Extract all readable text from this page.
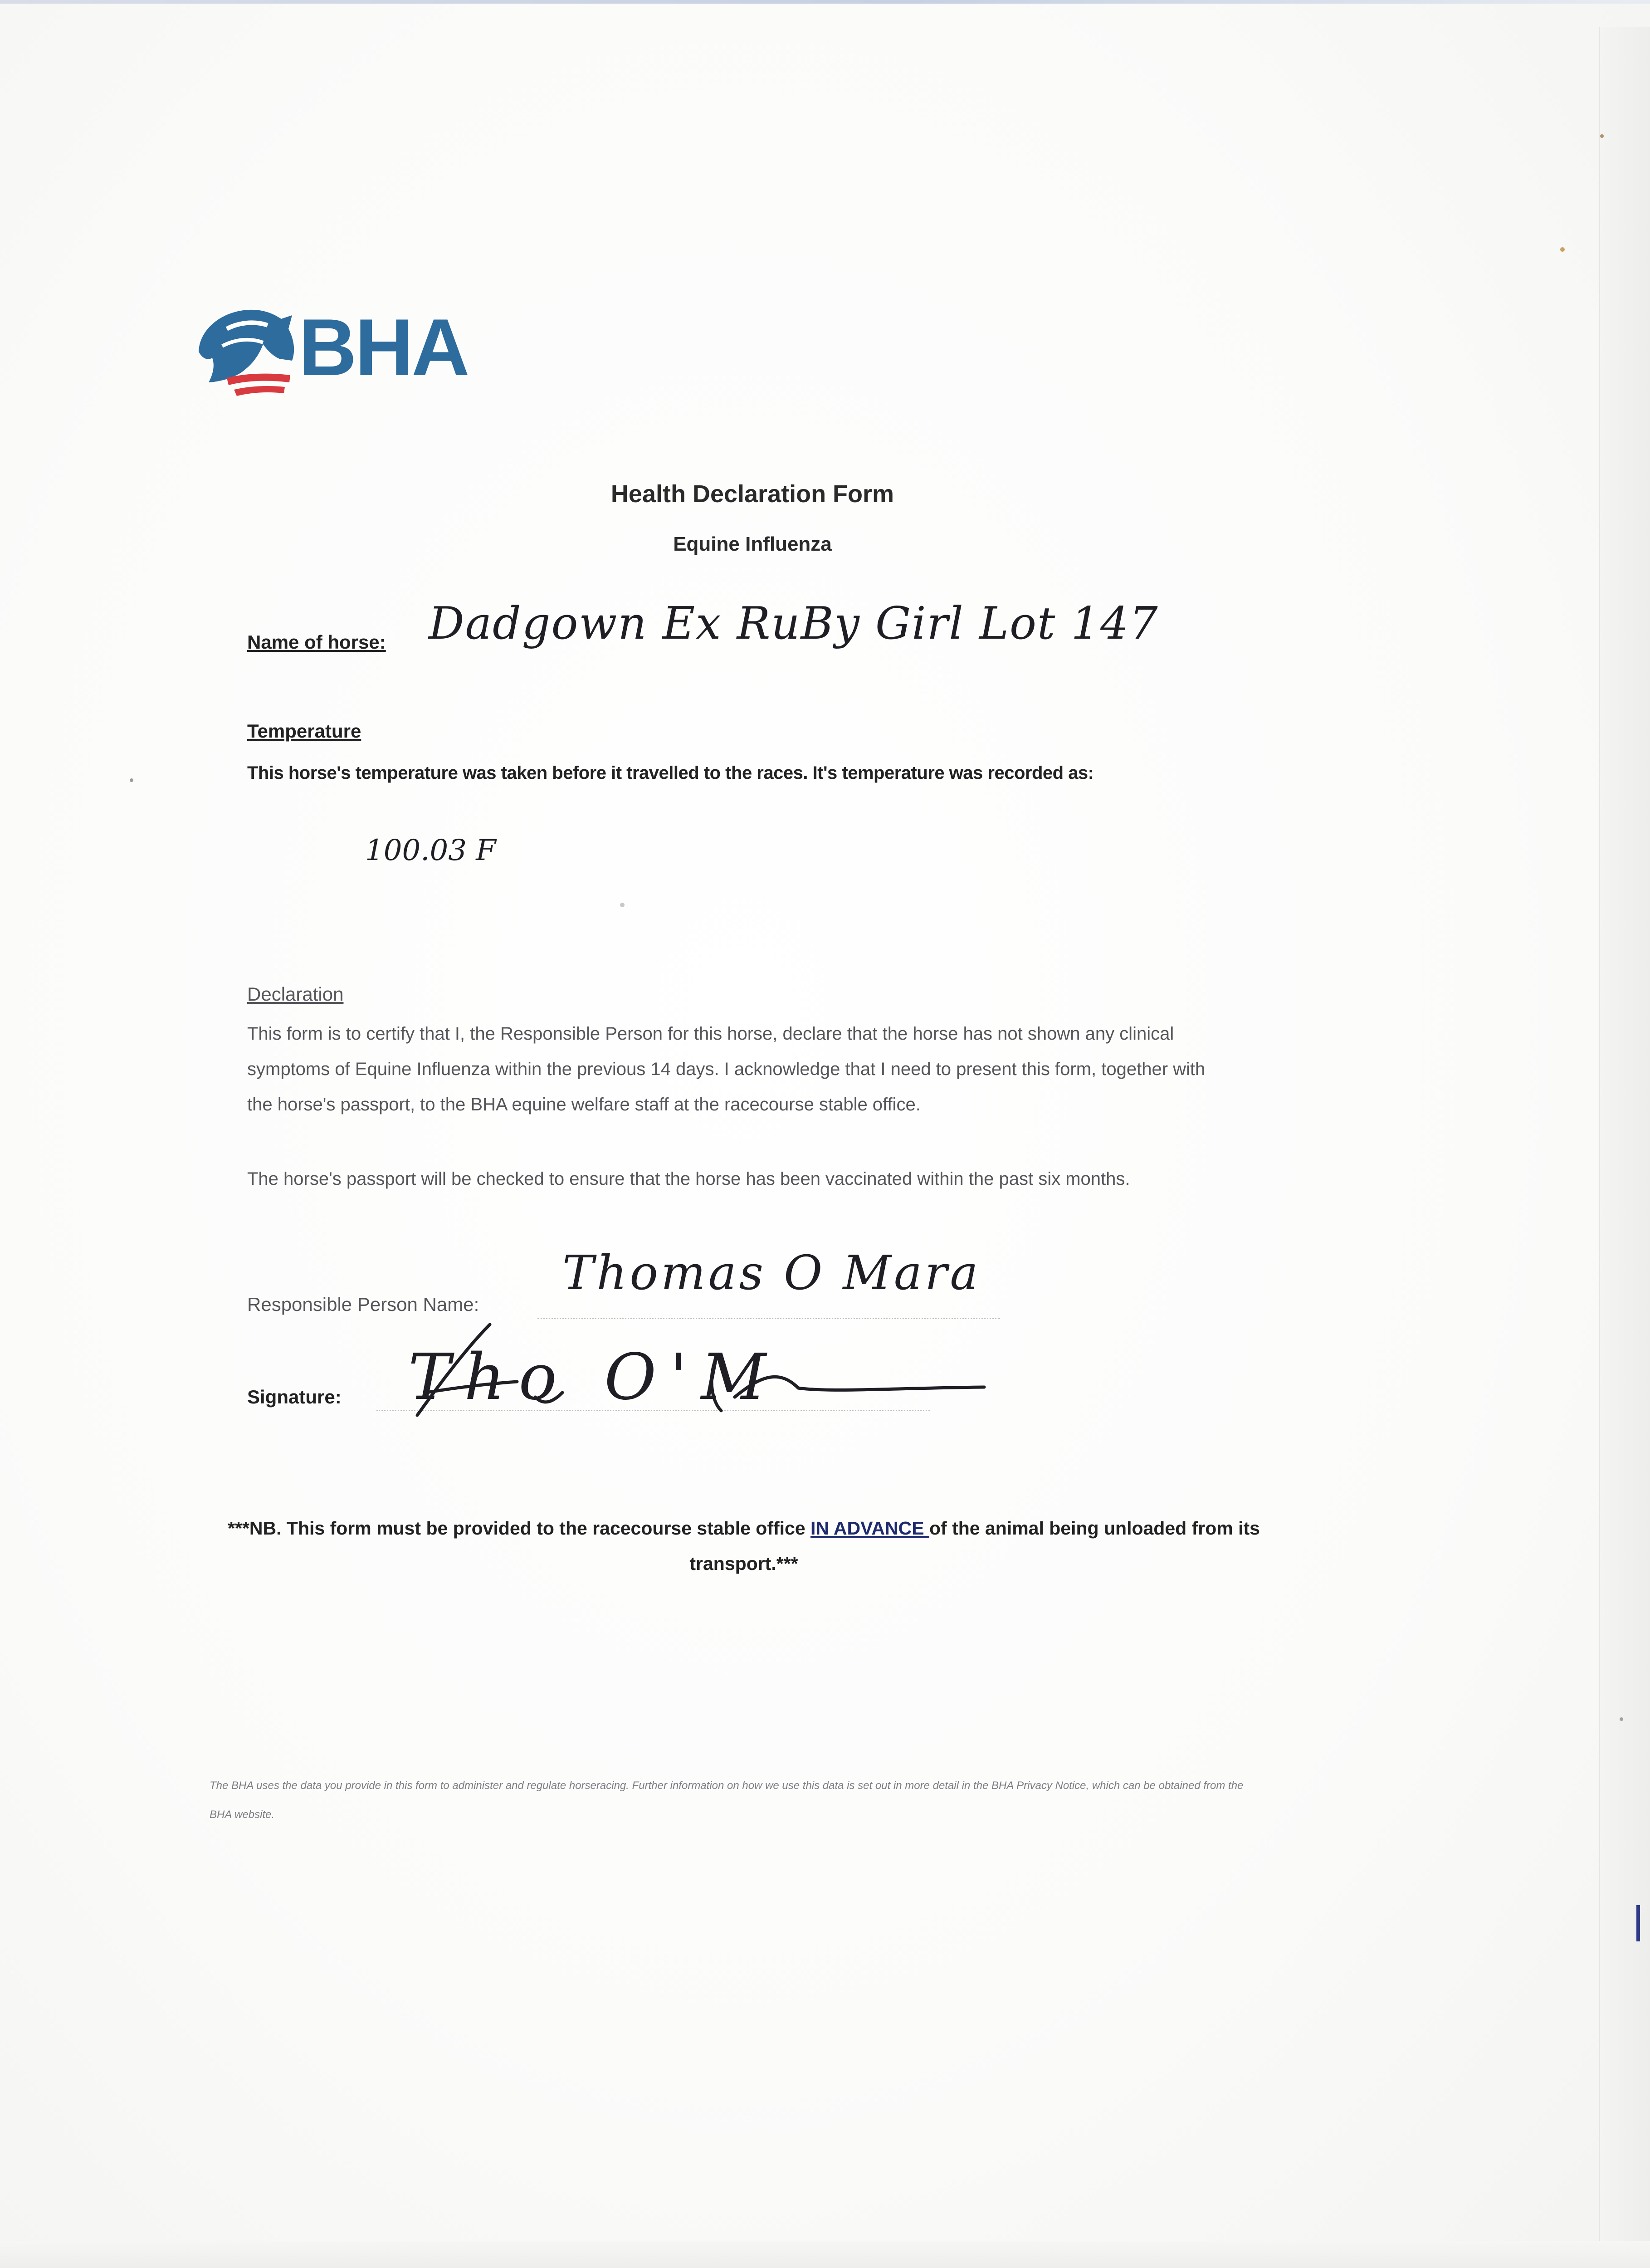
BHA
Health Declaration Form
Equine Influenza
Name of horse: Dadgown Ex RuBy Girl Lot 147
Temperature
This horse's temperature was taken before it travelled to the races. It's temperature was recorded as:
100.03 F
Declaration
This form is to certify that I, the Responsible Person for this horse, declare that the horse has not shown any clinical symptoms of Equine Influenza within the previous 14 days. I acknowledge that I need to present this form, together with the horse's passport, to the BHA equine welfare staff at the racecourse stable office.
The horse's passport will be checked to ensure that the horse has been vaccinated within the past six months.
Responsible Person Name:
Thomas O Mara
Signature: Tho O'M
***NB. This form must be provided to the racecourse stable office IN ADVANCE of the animal being unloaded from its transport.***
The BHA uses the data you provide in this form to administer and regulate horseracing. Further information on how we use this data is set out in more detail in the BHA Privacy Notice, which can be obtained from the BHA website.
